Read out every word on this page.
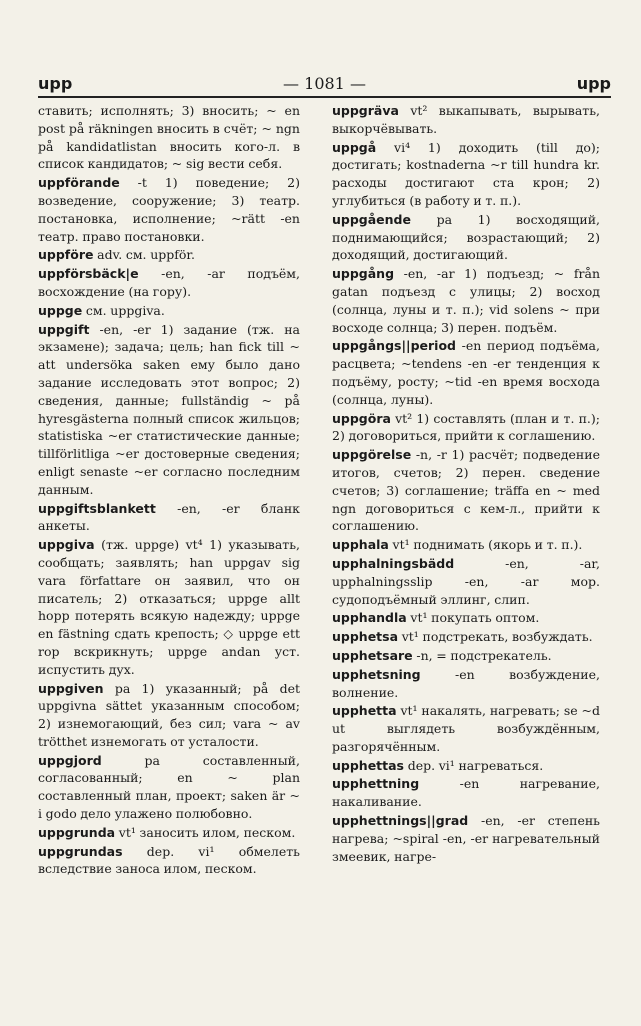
upp	— 1081 —	upp
ставить; исполнять; 3) вносить; ~ en post på räkningen вносить в счёт; ~ ngn på kandidatlistan вносить кого-л. в список кандидатов; ~ sig вести себя.
uppförande -t 1) поведение; 2) возведение, сооружение; 3) театр. постановка, исполнение; ~rätt -en театр. право постановки.
uppföre adv. см. uppför.
uppförsbäck|e -en, -ar подъём, восхождение (на гору).
uppge см. uppgiva.
uppgift -en, -er 1) задание (тж. на экзамене); задача; цель; han fick till ~ att undersöka saken ему было дано задание исследовать этот вопрос; 2) сведения, данные; fullständig ~ på hyresgästerna полный список жильцов; statistiska ~er статистические данные; tillförlitliga ~er достоверные сведения; enligt senaste ~er согласно последним данным.
uppgiftsblankett -en, -er бланк анкеты.
uppgiva (тж. uppge) vt⁴ 1) указывать, сообщать; заявлять; han uppgav sig vara författare он заявил, что он писатель; 2) отказаться; uppge allt hopp потерять всякую надежду; uppge en fästning сдать крепость; ◇ uppge ett rop вскрикнуть; uppge andan уст. испустить дух.
uppgiven pa 1) указанный; på det uppgivna sättet указанным способом; 2) изнемогающий, без сил; vara ~ av trötthet изнемогать от усталости.
uppgjord	pa составленный, согласованный; en ~ plan составленный план, проект; saken är ~ i godo дело улажено полюбовно.
uppgrunda vt¹ заносить илом, песком.
uppgrundas dep. vi¹ обмелеть вследствие заноса илом, песком.
uppgräva vt² выкапывать, вырывать, выкорчёвывать.
uppgå vi⁴ 1) доходить (till до); достигать; kostnaderna ~r till hundra kr. расходы достигают ста крон; 2) углубиться (в работу и т. п.).
uppgående pa 1) восходящий, поднимающийся; возрастающий; 2) доходящий, достигающий.
uppgång -en, -ar 1) подъезд; ~ från gatan подъезд с улицы; 2) восход (солнца, луны и т. п.); vid solens ~ при восходе солнца; 3) перен. подъём.
uppgångs||period -en период подъёма, расцвета; ~tendens -en -er тенденция к подъёму, росту; ~tid -en время восхода (солнца, луны).
uppgöra vt² 1) составлять (план и т. п.); 2) договориться, прийти к соглашению.
uppgörelse -n, -r 1) расчёт; подведение итогов, счетов; 2) перен. сведение счетов; 3) соглашение; träffa en ~ med ngn договориться с кем-л., прийти к соглашению.
upphala vt¹ поднимать (якорь и т. п.).
upphalningsbädd	-en, -ar, upphalningsslip -en, -ar мор. судоподъёмный эллинг, слип.
upphandla vt¹ покупать оптом.
upphetsa vt¹ подстрекать, возбуждать.
upphetsare -n, = подстрекатель.
upphetsning	-en возбуждение, волнение.
upphetta vt¹ накалять, нагревать; se ~d ut выглядеть возбуждённым, разгорячённым.
upphettas dep. vi¹ нагреваться.
upphettning	-en нагревание, накаливание.
upphettnings||grad -en, -er степень нагрева; ~spiral -en, -er нагревательный змеевик, нагре-
